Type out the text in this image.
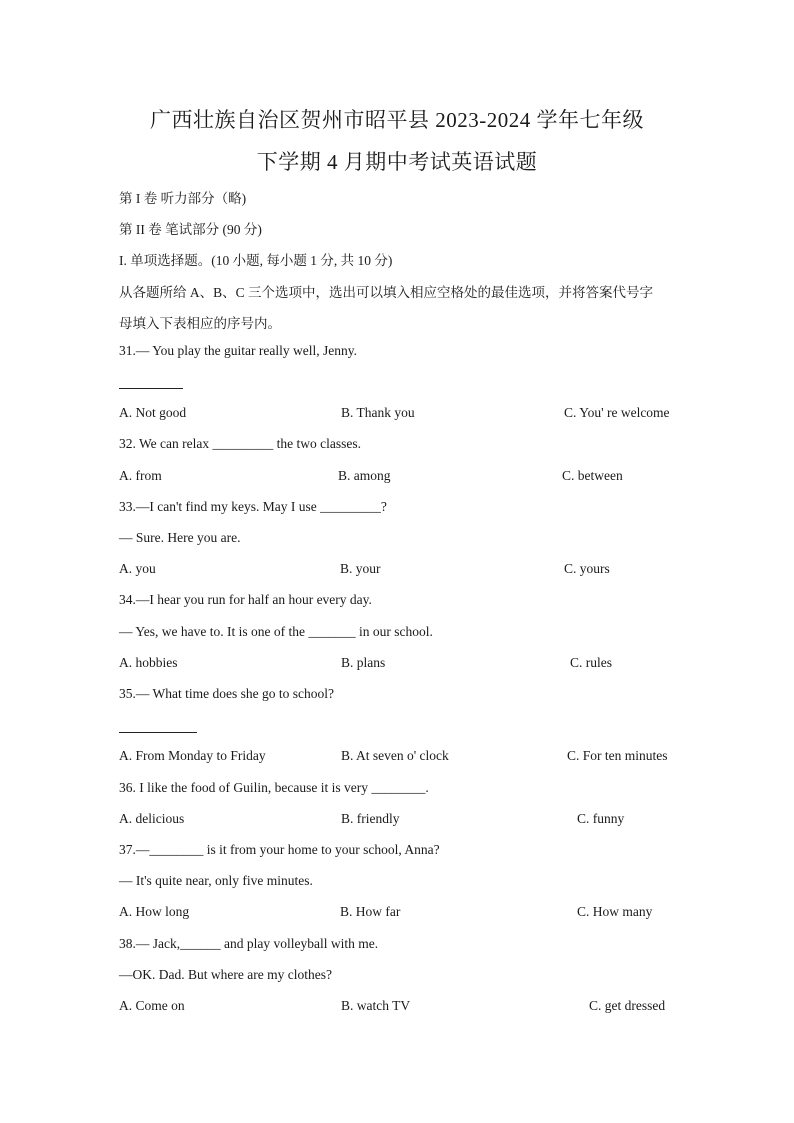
广西壮族自治区贺州市昭平县 2023-2024 学年七年级
下学期 4 月期中考试英语试题
第 I 卷 听力部分（略)
第 II 卷 笔试部分 (90 分)
I. 单项选择题。(10 小题, 每小题 1 分, 共 10 分)
从各题所给 A、B、C 三个选项中，选出可以填入相应空格处的最佳选项，并将答案代号字
母填入下表相应的序号内。
31.— You play the guitar really well, Jenny.
A. Not good	B. Thank you	C. You' re welcome
32. We can relax _________ the two classes.
A. from	B. among	C. between
33.—I can't find my keys. May I use _________?
— Sure. Here you are.
A. you	B. your	C. yours
34.—I hear you run for half an hour every day.
— Yes, we have to. It is one of the _______ in our school.
A. hobbies	B. plans	C. rules
35.— What time does she go to school?
A. From Monday to Friday	B. At seven o' clock	C. For ten minutes
36. I like the food of Guilin, because it is very ________.
A. delicious	B. friendly	C. funny
37.—________ is it from your home to your school, Anna?
— It's quite near, only five minutes.
A. How long	B. How far	C. How many
38.— Jack,______ and play volleyball with me.
—OK. Dad. But where are my clothes?
A. Come on	B. watch TV	C. get dressed
